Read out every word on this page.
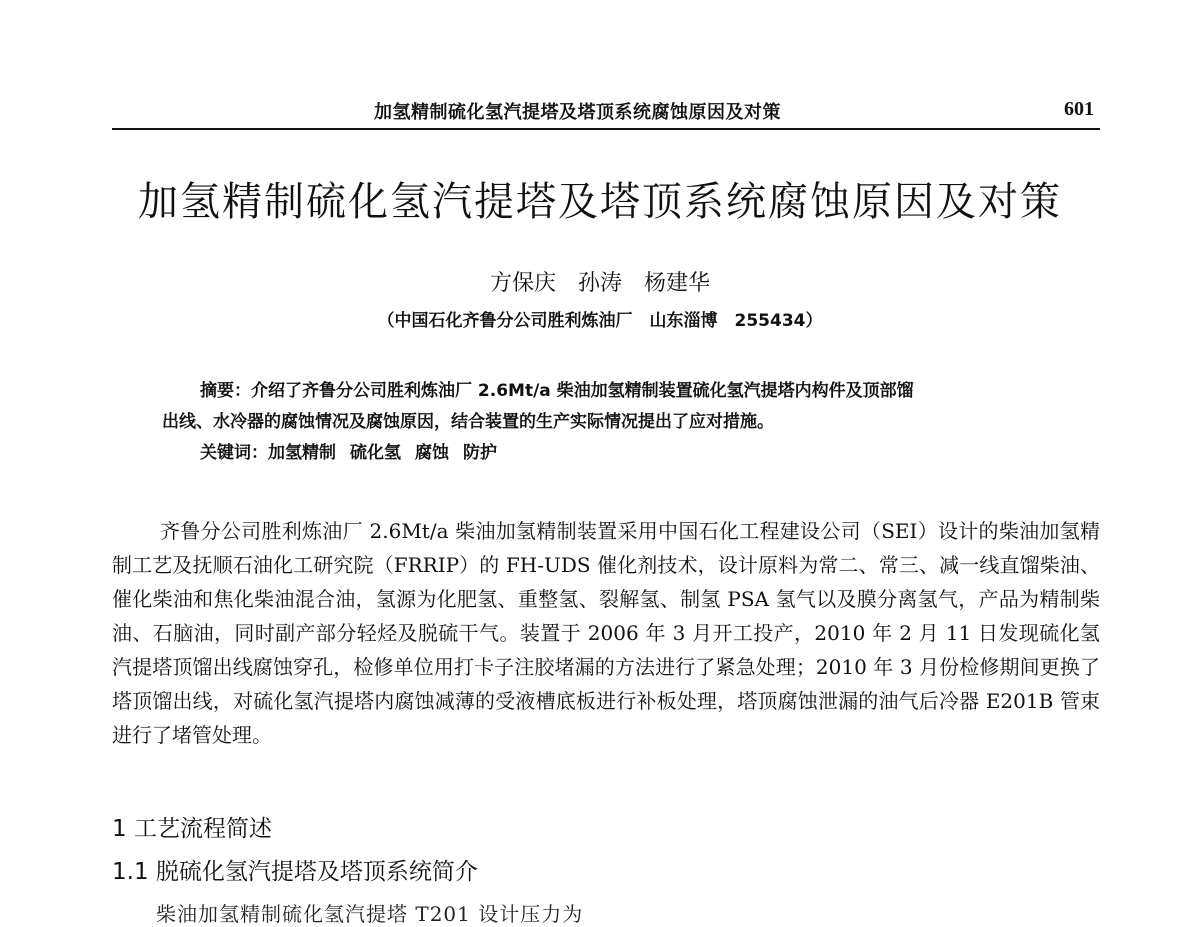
加氢精制硫化氢汽提塔及塔顶系统腐蚀原因及对策	601
加氢精制硫化氢汽提塔及塔顶系统腐蚀原因及对策
方保庆　孙涛　杨建华
（中国石化齐鲁分公司胜利炼油厂　山东淄博　255434）
摘要：介绍了齐鲁分公司胜利炼油厂 2.6Mt/a 柴油加氢精制装置硫化氢汽提塔内构件及顶部馏
出线、水冷器的腐蚀情况及腐蚀原因，结合装置的生产实际情况提出了应对措施。
关键词：加氢精制 硫化氢 腐蚀 防护

齐鲁分公司胜利炼油厂 2.6Mt/a 柴油加氢精制装置采用中国石化工程建设公司（SEI）设计的柴油加氢精制工艺及抚顺石油化工研究院（FRRIP）的 FH-UDS 催化剂技术，设计原料为常二、常三、减一线直馏柴油、催化柴油和焦化柴油混合油，氢源为化肥氢、重整氢、裂解氢、制氢 PSA 氢气以及膜分离氢气，产品为精制柴油、石脑油，同时副产部分轻烃及脱硫干气。装置于 2006 年 3 月开工投产，2010 年 2 月 11 日发现硫化氢汽提塔顶馏出线腐蚀穿孔，检修单位用打卡子注胶堵漏的方法进行了紧急处理；2010 年 3 月份检修期间更换了塔顶馏出线，对硫化氢汽提塔内腐蚀减薄的受液槽底板进行补板处理，塔顶腐蚀泄漏的油气后冷器 E201B 管束进行了堵管处理。

1 工艺流程简述
1.1 脱硫化氢汽提塔及塔顶系统简介
柴油加氢精制硫化氢汽提塔 T201 设计压力为
